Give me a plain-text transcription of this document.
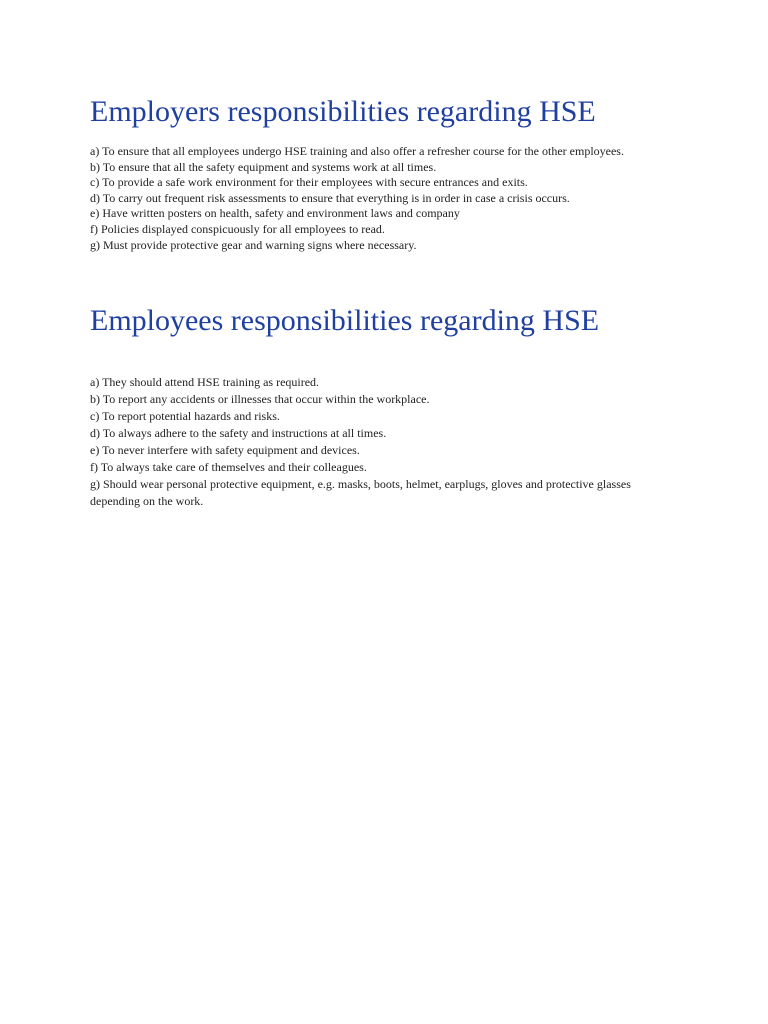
Employers responsibilities regarding HSE
a) To ensure that all employees undergo HSE training and also offer a refresher course for the other employees.
b) To ensure that all the safety equipment and systems work at all times.
c) To provide a safe work environment for their employees with secure entrances and exits.
d) To carry out frequent risk assessments to ensure that everything is in order in case a crisis occurs.
e) Have written posters on health, safety and environment laws and company
f) Policies displayed conspicuously for all employees to read.
g) Must provide protective gear and warning signs where necessary.
Employees responsibilities regarding HSE
a) They should attend HSE training as required.
b) To report any accidents or illnesses that occur within the workplace.
c) To report potential hazards and risks.
d) To always adhere to the safety and instructions at all times.
e) To never interfere with safety equipment and devices.
f) To always take care of themselves and their colleagues.
g) Should wear personal protective equipment, e.g. masks, boots, helmet, earplugs, gloves and protective glasses depending on the work.
